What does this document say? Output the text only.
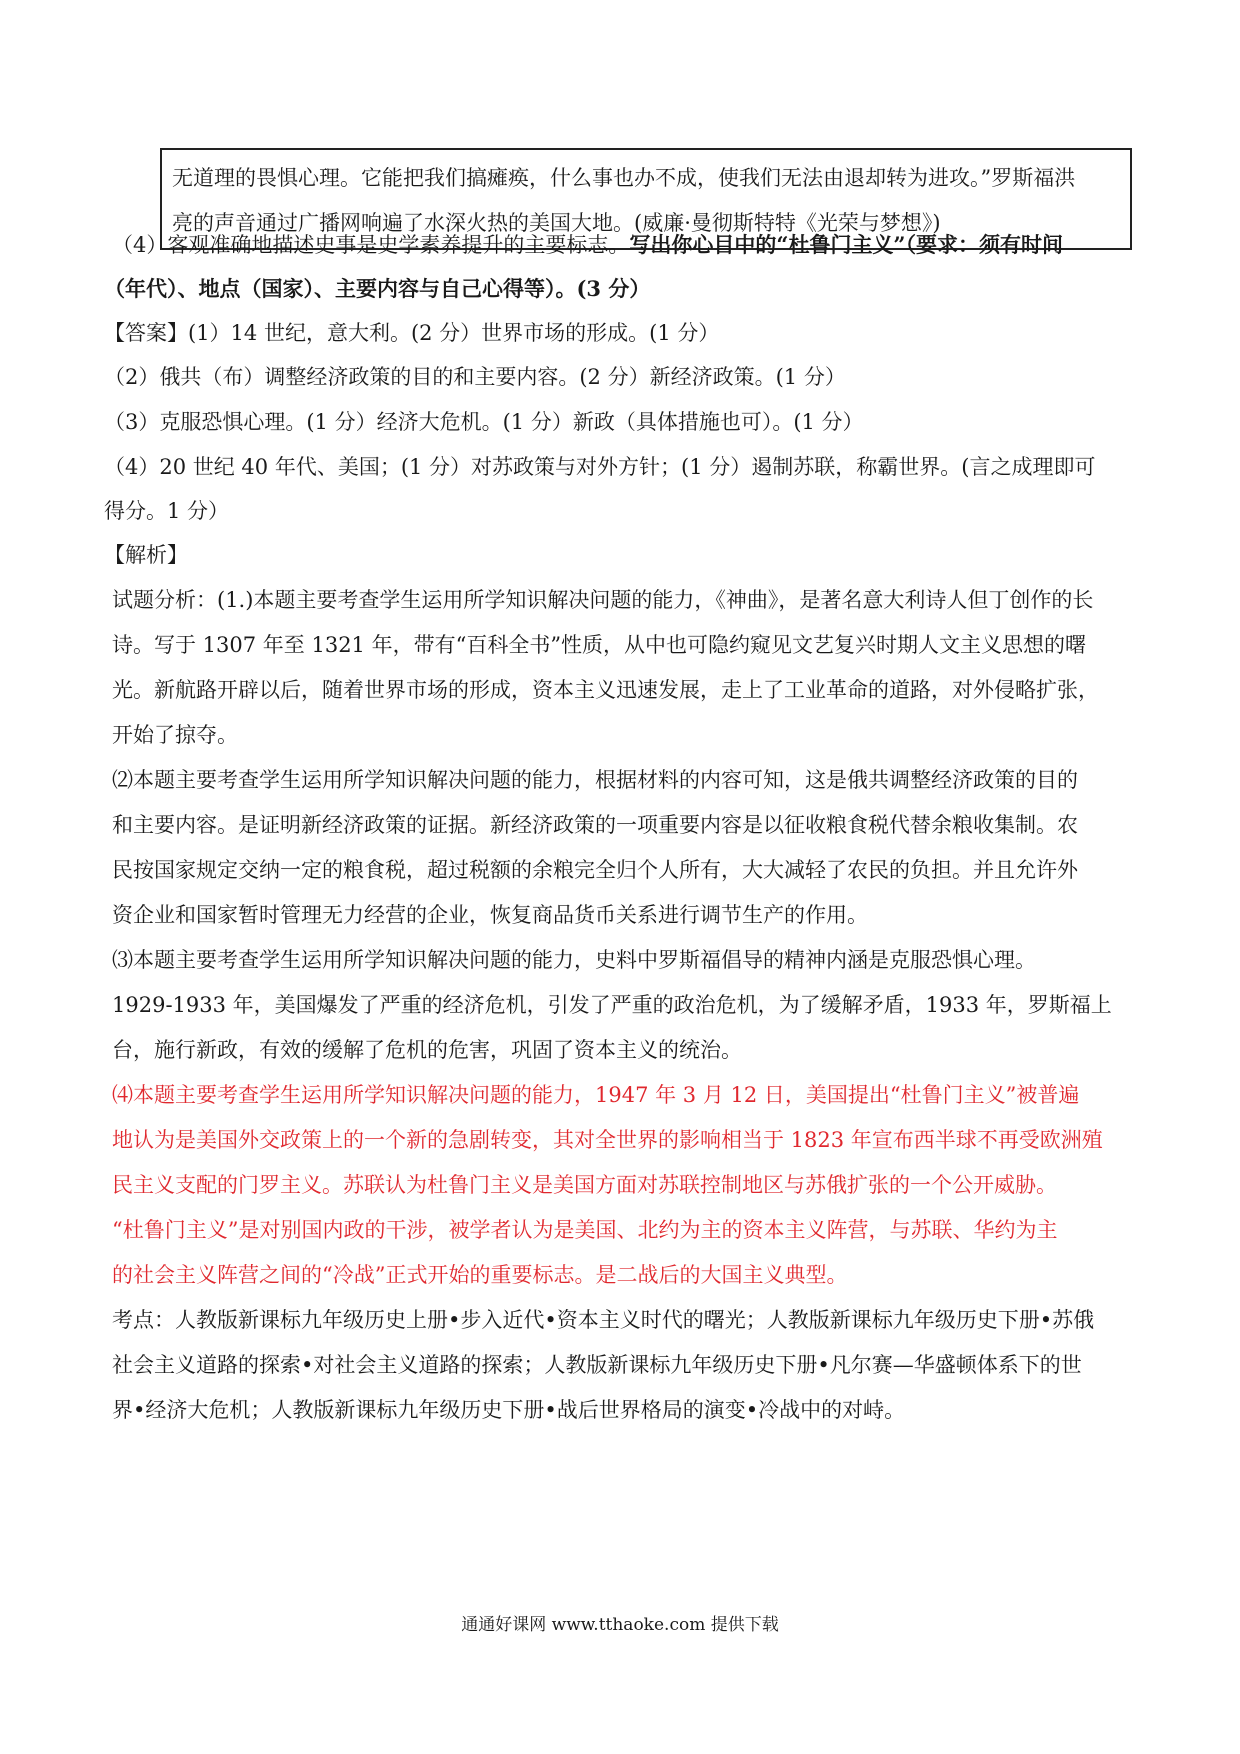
无道理的畏惧心理。它能把我们搞瘫痪，什么事也办不成，使我们无法由退却转为进攻。”罗斯福洪

亮的声音通过广播网响遍了水深火热的美国大地。(威廉·曼彻斯特特《光荣与梦想》)

（4）客观准确地描述史事是史学素养提升的主要标志。写出你心目中的“杜鲁门主义”（要求：须有时间

（年代）、地点（国家）、主要内容与自己心得等）。(3 分）

【答案】(1）14 世纪，意大利。(2 分）世界市场的形成。(1 分）

（2）俄共（布）调整经济政策的目的和主要内容。(2 分）新经济政策。(1 分）

（3）克服恐惧心理。(1 分）经济大危机。(1 分）新政（具体措施也可）。(1 分）

（4）20 世纪 40 年代、美国；(1 分）对苏政策与对外方针；(1 分）遏制苏联，称霸世界。(言之成理即可

得分。1 分）

【解析】

试题分析：(1.)本题主要考查学生运用所学知识解决问题的能力，《神曲》，是著名意大利诗人但丁创作的长

诗。写于 1307 年至 1321 年，带有“百科全书”性质，从中也可隐约窥见文艺复兴时期人文主义思想的曙

光。新航路开辟以后，随着世界市场的形成，资本主义迅速发展，走上了工业革命的道路，对外侵略扩张，

开始了掠夺。

⑵本题主要考查学生运用所学知识解决问题的能力，根据材料的内容可知，这是俄共调整经济政策的目的

和主要内容。是证明新经济政策的证据。新经济政策的一项重要内容是以征收粮食税代替余粮收集制。农

民按国家规定交纳一定的粮食税，超过税额的余粮完全归个人所有，大大减轻了农民的负担。并且允许外

资企业和国家暂时管理无力经营的企业，恢复商品货币关系进行调节生产的作用。

⑶本题主要考查学生运用所学知识解决问题的能力，史料中罗斯福倡导的精神内涵是克服恐惧心理。

1929-1933 年，美国爆发了严重的经济危机，引发了严重的政治危机，为了缓解矛盾，1933 年，罗斯福上

台，施行新政，有效的缓解了危机的危害，巩固了资本主义的统治。

⑷本题主要考查学生运用所学知识解决问题的能力，1947 年 3 月 12 日，美国提出“杜鲁门主义”被普遍

地认为是美国外交政策上的一个新的急剧转变，其对全世界的影响相当于 1823 年宣布西半球不再受欧洲殖

民主义支配的门罗主义。苏联认为杜鲁门主义是美国方面对苏联控制地区与苏俄扩张的一个公开威胁。

“杜鲁门主义”是对别国内政的干涉，被学者认为是美国、北约为主的资本主义阵营，与苏联、华约为主

的社会主义阵营之间的“冷战”正式开始的重要标志。是二战后的大国主义典型。

考点：人教版新课标九年级历史上册•步入近代•资本主义时代的曙光；人教版新课标九年级历史下册•苏俄

社会主义道路的探索•对社会主义道路的探索；人教版新课标九年级历史下册•凡尔赛—华盛顿体系下的世

界•经济大危机；人教版新课标九年级历史下册•战后世界格局的演变•冷战中的对峙。

通通好课网 www.tthaoke.com 提供下载
